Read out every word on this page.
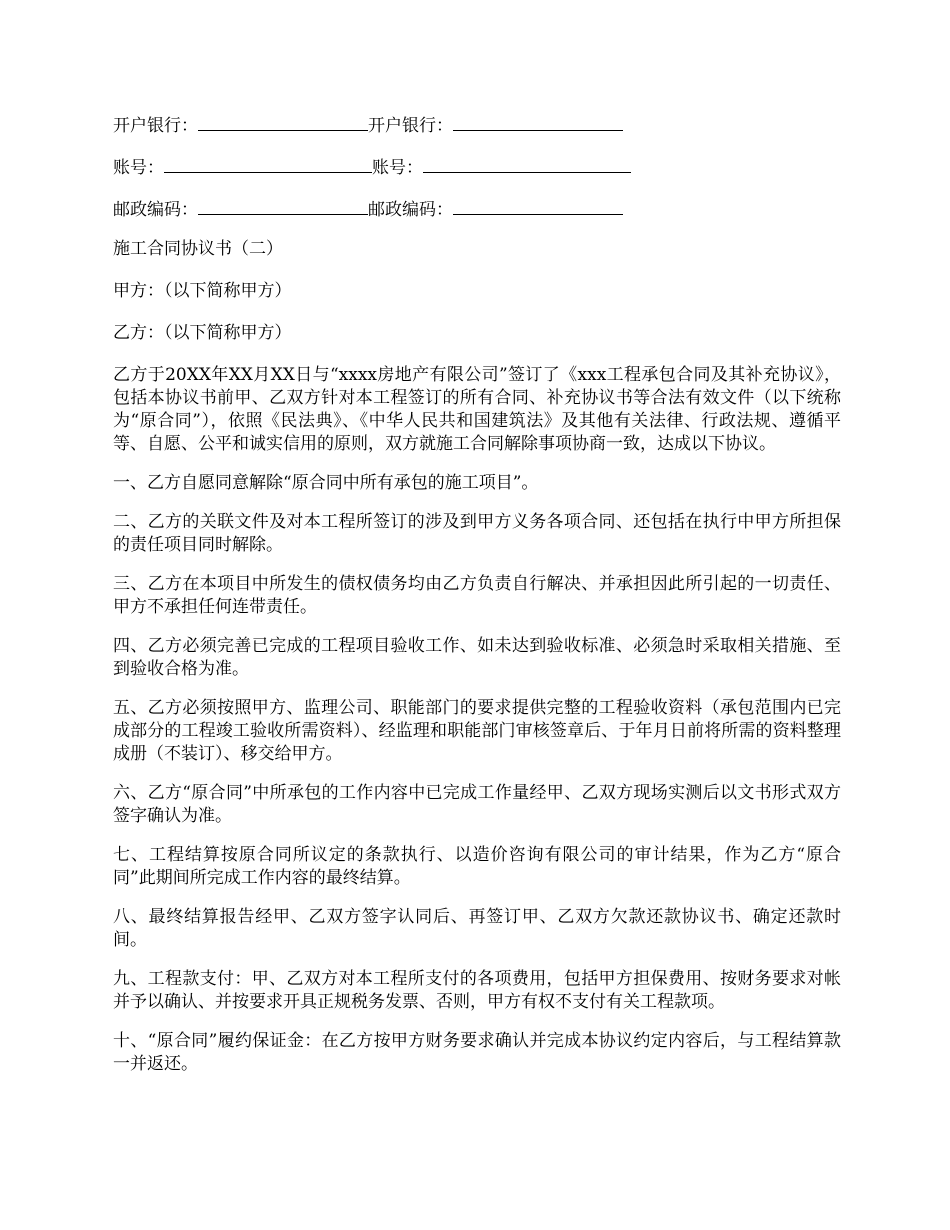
开户银行：	开户银行：
账号：	账号：
邮政编码：	邮政编码：

施工合同协议书（二）

甲方：（以下简称甲方）

乙方：（以下简称甲方）

乙方于20XX年XX月XX日与“xxxx房地产有限公司”签订了《xxx工程承包合同及其补充协议》，包括本协议书前甲、乙双方针对本工程签订的所有合同、补充协议书等合法有效文件（以下统称为“原合同”），依照《民法典》、《中华人民共和国建筑法》及其他有关法律、行政法规、遵循平等、自愿、公平和诚实信用的原则，双方就施工合同解除事项协商一致，达成以下协议。

一、乙方自愿同意解除“原合同中所有承包的施工项目”。

二、乙方的关联文件及对本工程所签订的涉及到甲方义务各项合同、还包括在执行中甲方所担保的责任项目同时解除。

三、乙方在本项目中所发生的债权债务均由乙方负责自行解决、并承担因此所引起的一切责任、甲方不承担任何连带责任。

四、乙方必须完善已完成的工程项目验收工作、如未达到验收标准、必须急时采取相关措施、至到验收合格为准。

五、乙方必须按照甲方、监理公司、职能部门的要求提供完整的工程验收资料（承包范围内已完成部分的工程竣工验收所需资料）、经监理和职能部门审核签章后、于年月日前将所需的资料整理成册（不装订）、移交给甲方。

六、乙方“原合同”中所承包的工作内容中已完成工作量经甲、乙双方现场实测后以文书形式双方签字确认为准。

七、工程结算按原合同所议定的条款执行、以造价咨询有限公司的审计结果，作为乙方“原合同”此期间所完成工作内容的最终结算。

八、最终结算报告经甲、乙双方签字认同后、再签订甲、乙双方欠款还款协议书、确定还款时间。

九、工程款支付：甲、乙双方对本工程所支付的各项费用，包括甲方担保费用、按财务要求对帐并予以确认、并按要求开具正规税务发票、否则，甲方有权不支付有关工程款项。

十、“原合同”履约保证金：在乙方按甲方财务要求确认并完成本协议约定内容后，与工程结算款一并返还。
